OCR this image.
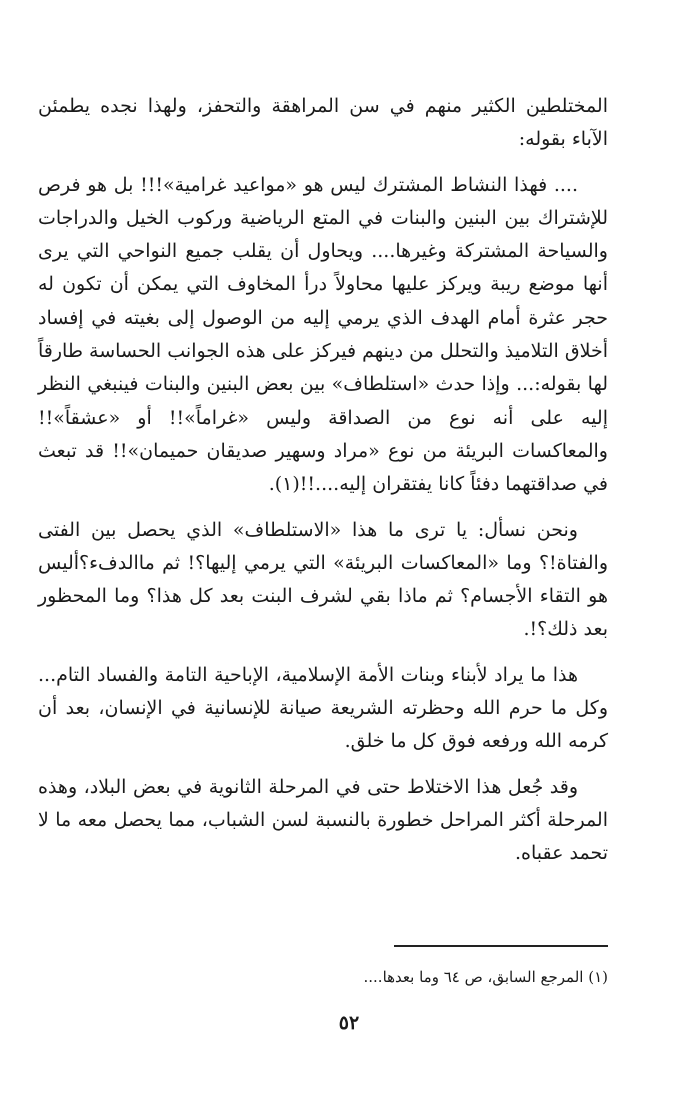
المختلطين الكثير منهم في سن المراهقة والتحفز، ولهذا نجده يطمئن الآباء بقوله:

.... فهذا النشاط المشترك ليس هو «مواعيد غرامية»!!! بل هو فرص للإشتراك بين البنين والبنات في المتع الرياضية وركوب الخيل والدراجات والسياحة المشتركة وغيرها.... ويحاول أن يقلب جميع النواحي التي يرى أنها موضع ريبة ويركز عليها محاولاً درأ المخاوف التي يمكن أن تكون له حجر عثرة أمام الهدف الذي يرمي إليه من الوصول إلى بغيته في إفساد أخلاق التلاميذ والتحلل من دينهم فيركز على هذه الجوانب الحساسة طارقاً لها بقوله:... وإذا حدث «استلطاف» بين بعض البنين والبنات فينبغي النظر إليه على أنه نوع من الصداقة وليس «غراماً»!! أو «عشقاً»!! والمعاكسات البريئة من نوع «مراد وسهير صديقان حميمان»!! قد تبعث في صداقتهما دفئاً كانا يفتقران إليه....!!(١).

ونحن نسأل: يا ترى ما هذا «الاستلطاف» الذي يحصل بين الفتى والفتاة!؟ وما «المعاكسات البريئة» التي يرمي إليها؟! ثم ماالدفء؟أليس هو التقاء الأجسام؟ ثم ماذا بقي لشرف البنت بعد كل هذا؟ وما المحظور بعد ذلك؟!.

هذا ما يراد لأبناء وبنات الأمة الإسلامية، الإباحية التامة والفساد التام... وكل ما حرم الله وحظرته الشريعة صيانة للإنسانية في الإنسان، بعد أن كرمه الله ورفعه فوق كل ما خلق.

وقد جُعل هذا الاختلاط حتى في المرحلة الثانوية في بعض البلاد، وهذه المرحلة أكثر المراحل خطورة بالنسبة لسن الشباب، مما يحصل معه ما لا تحمد عقباه.

(١) المرجع السابق، ص ٦٤ وما بعدها....
٥٢
